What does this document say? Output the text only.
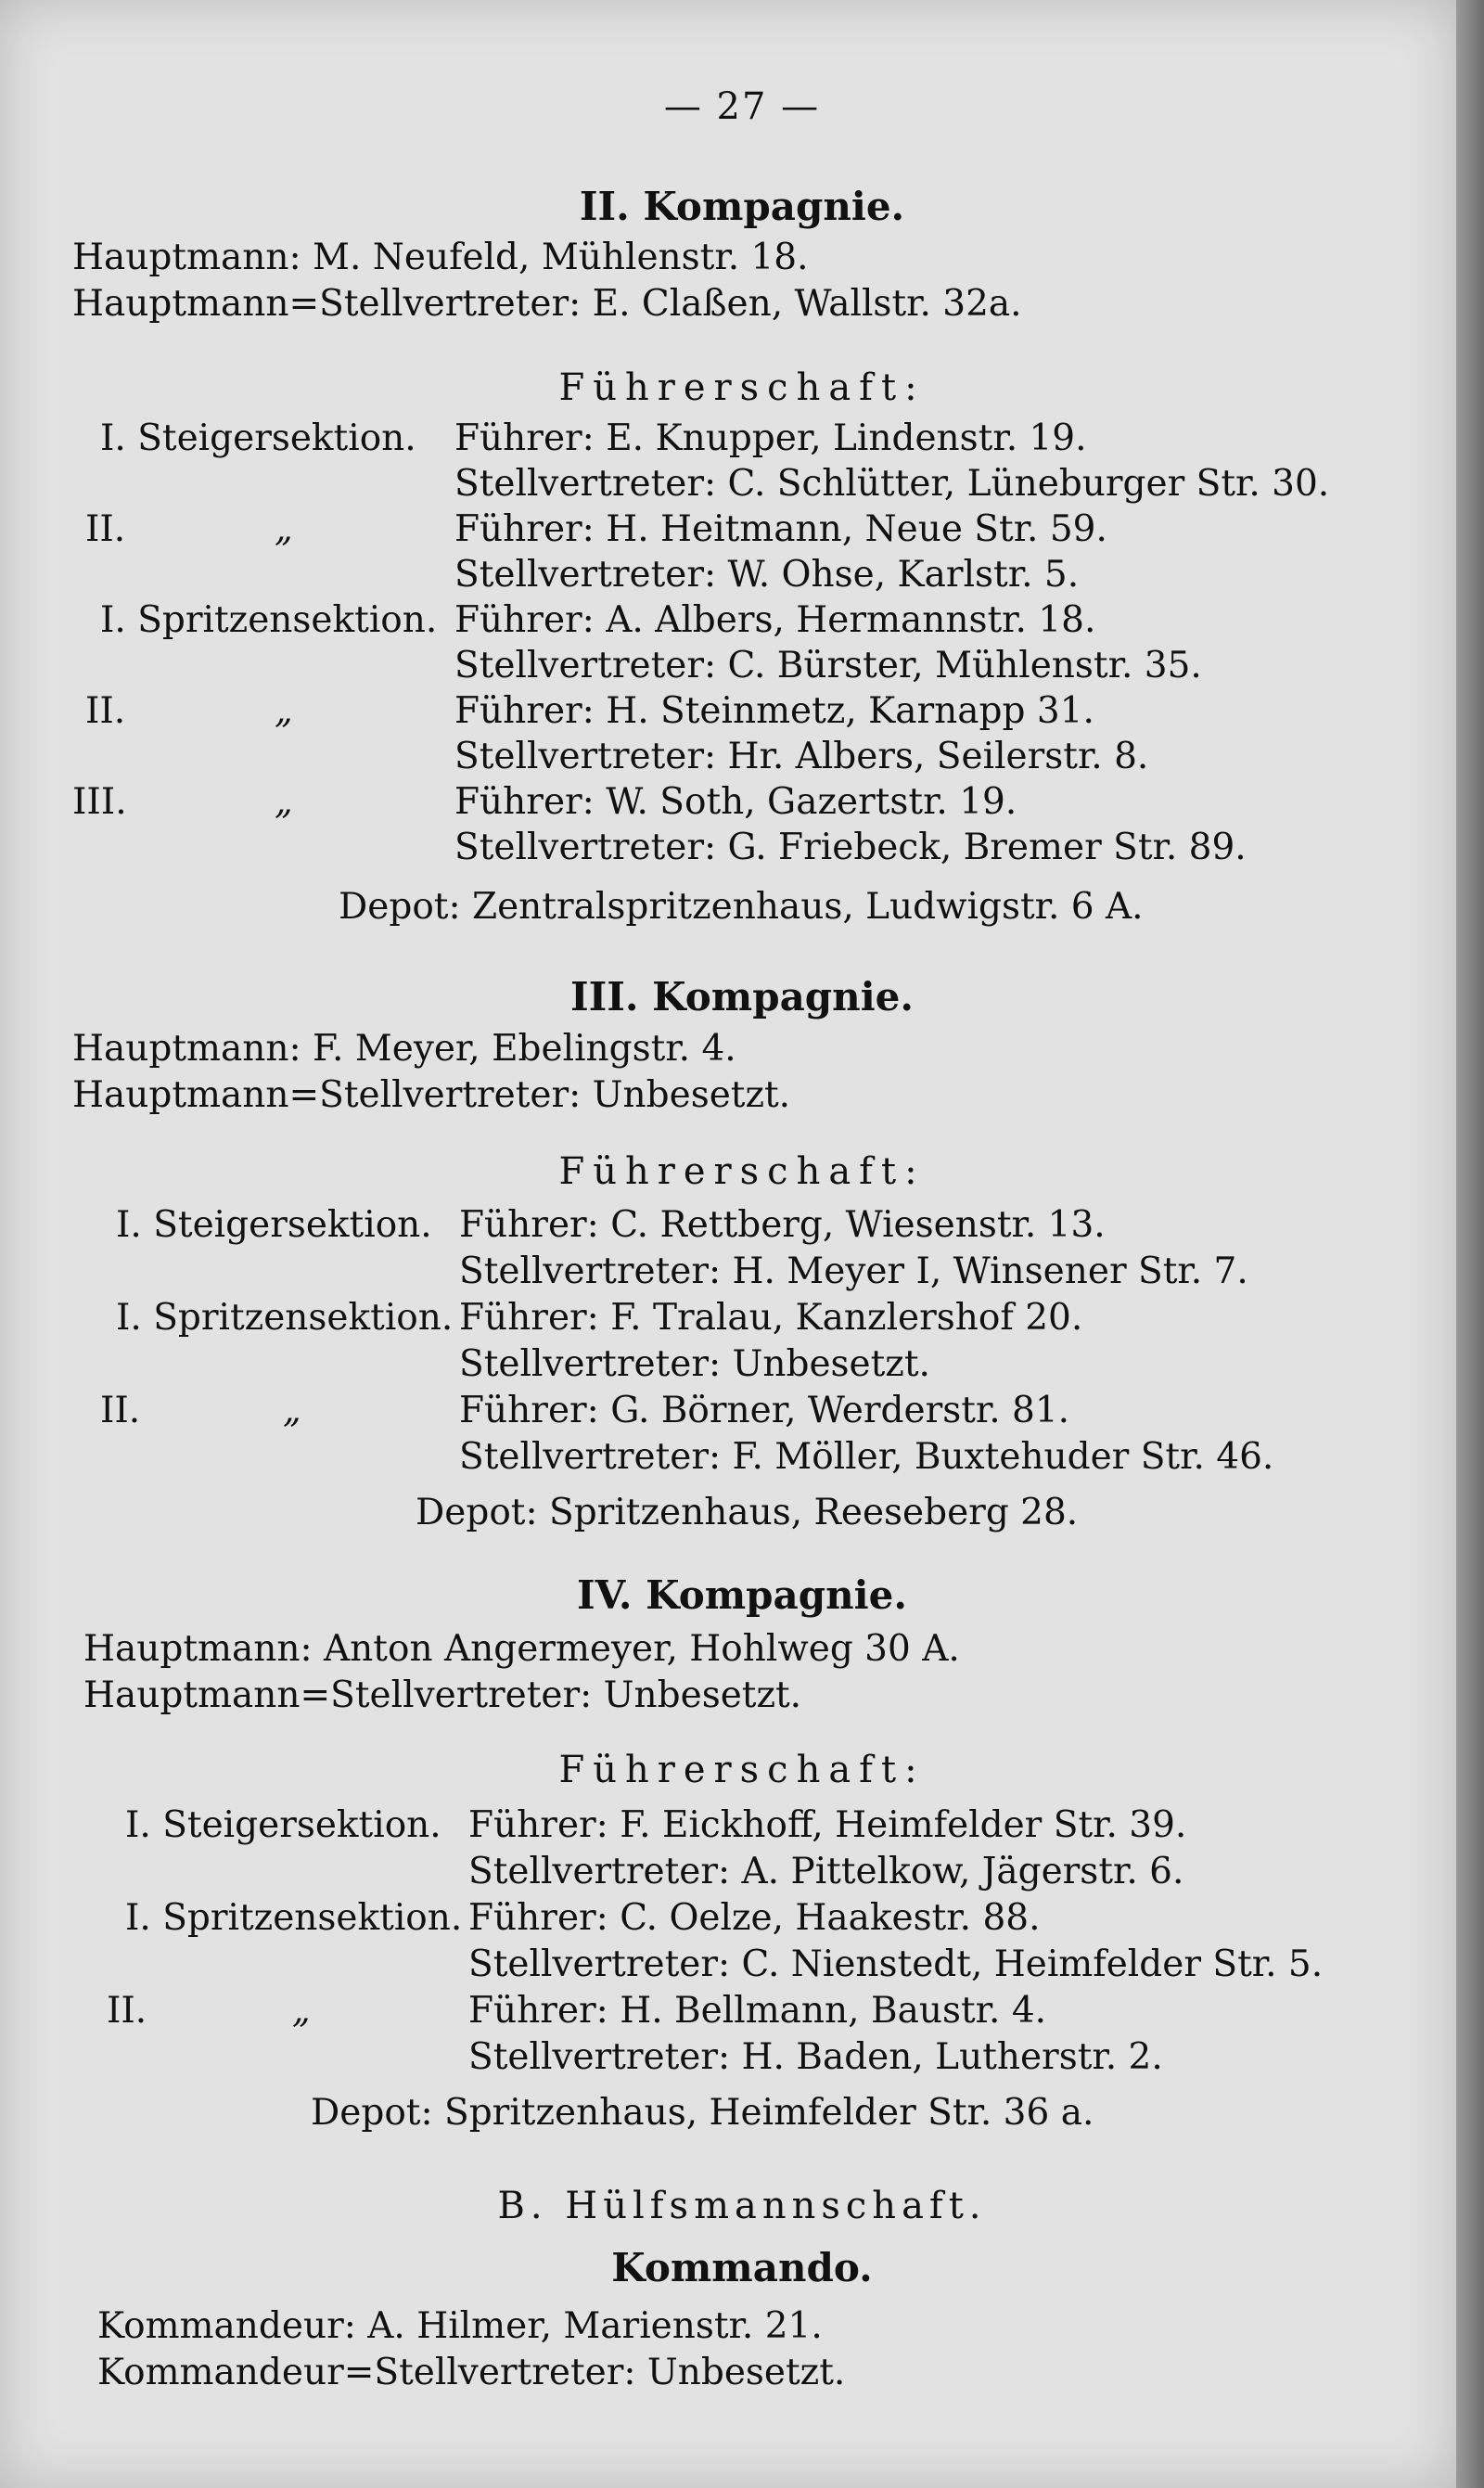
— 27 —
II. Kompagnie.
Hauptmann: M. Neufeld, Mühlenstr. 18.
Hauptmann=Stellvertreter: E. Claßen, Wallstr. 32a.
Führerschaft:
I. Steigersektion. Führer: E. Knupper, Lindenstr. 19.
Stellvertreter: C. Schlütter, Lüneburger Str. 30.
II.	„	Führer: H. Heitmann, Neue Str. 59.
Stellvertreter: W. Ohse, Karlstr. 5.
I. Spritzensektion. Führer: A. Albers, Hermannstr. 18.
Stellvertreter: C. Bürster, Mühlenstr. 35.
II.	„	Führer: H. Steinmetz, Karnapp 31.
Stellvertreter: Hr. Albers, Seilerstr. 8.
III.	„	Führer: W. Soth, Gazertstr. 19.
Stellvertreter: G. Friebeck, Bremer Str. 89.
Depot: Zentralspritzenhaus, Ludwigstr. 6 A.
III. Kompagnie.
Hauptmann: F. Meyer, Ebelingstr. 4.
Hauptmann=Stellvertreter: Unbesetzt.
Führerschaft:
I. Steigersektion. Führer: C. Rettberg, Wiesenstr. 13.
Stellvertreter: H. Meyer I, Winsener Str. 7.
I. Spritzensektion. Führer: F. Tralau, Kanzlershof 20.
Stellvertreter: Unbesetzt.
II.	„	Führer: G. Börner, Werderstr. 81.
Stellvertreter: F. Möller, Buxtehuder Str. 46.
Depot: Spritzenhaus, Reeseberg 28.
IV. Kompagnie.
Hauptmann: Anton Angermeyer, Hohlweg 30 A.
Hauptmann=Stellvertreter: Unbesetzt.
Führerschaft:
I. Steigersektion. Führer: F. Eickhoff, Heimfelder Str. 39.
Stellvertreter: A. Pittelkow, Jägerstr. 6.
I. Spritzensektion. Führer: C. Oelze, Haakestr. 88.
Stellvertreter: C. Nienstedt, Heimfelder Str. 5.
II.	„	Führer: H. Bellmann, Baustr. 4.
Stellvertreter: H. Baden, Lutherstr. 2.
Depot: Spritzenhaus, Heimfelder Str. 36 a.
B. Hülfsmannschaft.
Kommando.
Kommandeur: A. Hilmer, Marienstr. 21.
Kommandeur=Stellvertreter: Unbesetzt.
